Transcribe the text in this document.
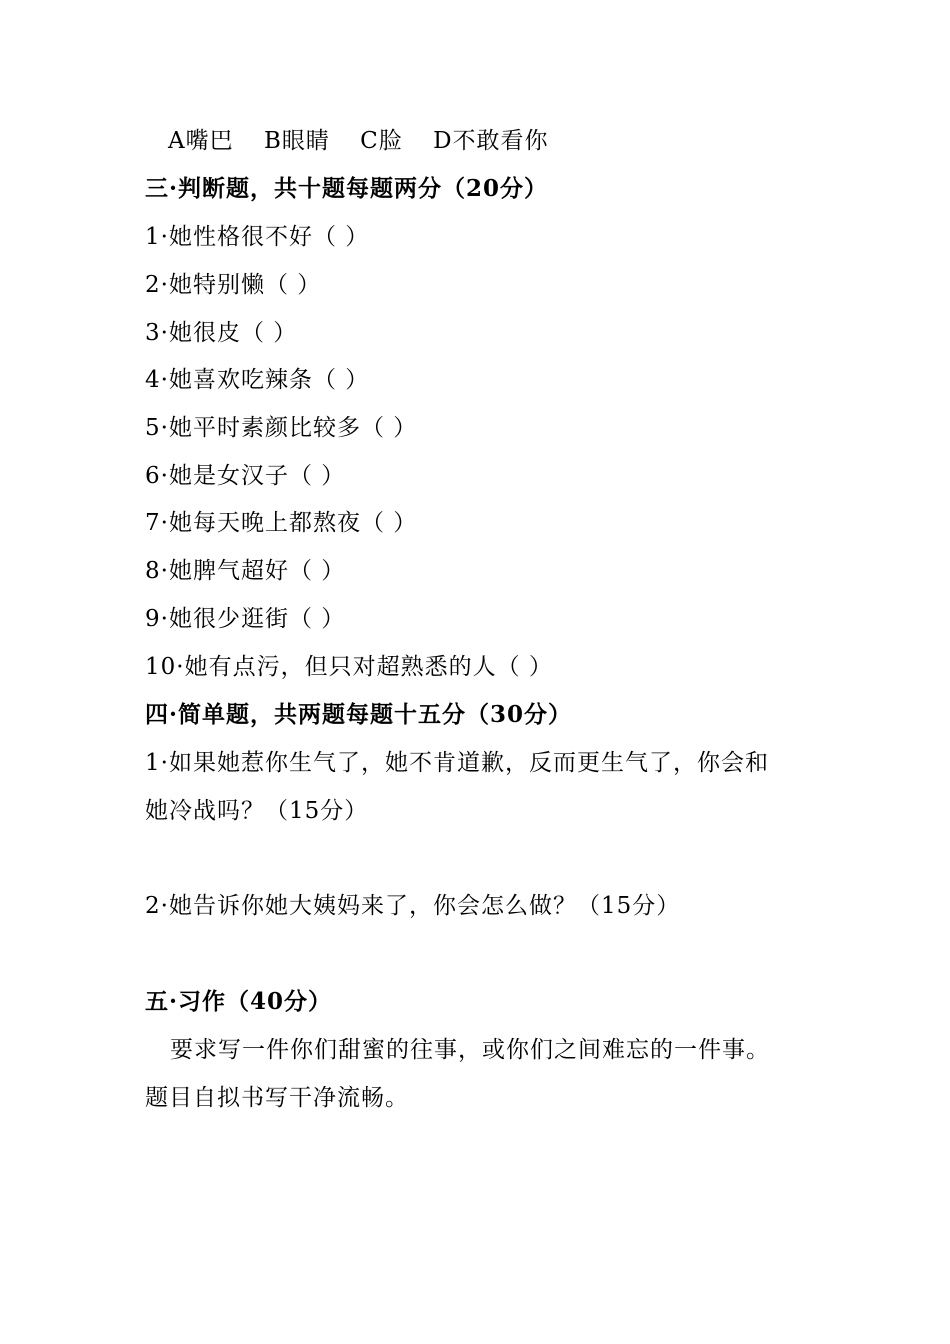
A嘴巴 B眼睛 C脸 D不敢看你
三·判断题，共十题每题两分（20分）
1·她性格很不好（ ）
2·她特别懒（ ）
3·她很皮（ ）
4·她喜欢吃辣条（ ）
5·她平时素颜比较多（ ）
6·她是女汉子（ ）
7·她每天晚上都熬夜（ ）
8·她脾气超好（ ）
9·她很少逛街（ ）
10·她有点污，但只对超熟悉的人（ ）
四·简单题，共两题每题十五分（30分）
1·如果她惹你生气了，她不肯道歉，反而更生气了，你会和
她冷战吗？（15分）
2·她告诉你她大姨妈来了，你会怎么做？（15分）
五·习作（40分）
要求写一件你们甜蜜的往事，或你们之间难忘的一件事。
题目自拟书写干净流畅。
